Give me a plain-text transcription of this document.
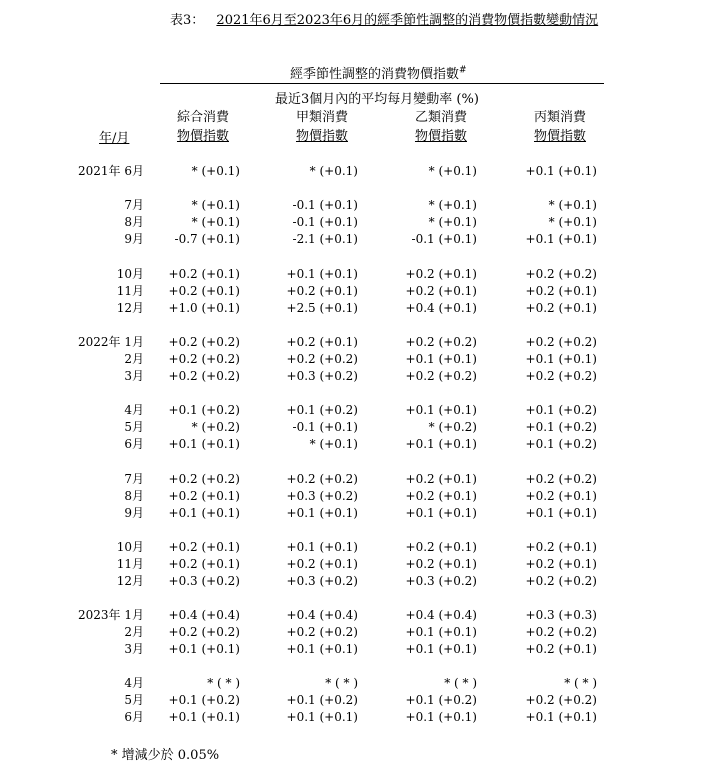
表3： 2021年6月至2023年6月的經季節性調整的消費物價指數變動情況
經季節性調整的消費物價指數#
最近3個月內的平均每月變動率 (%)
綜合消費
物價指數
甲類消費
物價指數
乙類消費
物價指數
丙類消費
物價指數
年/月
2021年 6月	* (+0.1)	* (+0.1)	* (+0.1)	+0.1 (+0.1)
7月	* (+0.1)	-0.1 (+0.1)	* (+0.1)	* (+0.1)
8月	* (+0.1)	-0.1 (+0.1)	* (+0.1)	* (+0.1)
9月	-0.7 (+0.1)	-2.1 (+0.1)	-0.1 (+0.1)	+0.1 (+0.1)
10月 +0.2 (+0.1)	+0.1 (+0.1)	+0.2 (+0.1)	+0.2 (+0.2)
11月 +0.2 (+0.1)	+0.2 (+0.1)	+0.2 (+0.1)	+0.2 (+0.1)
12月 +1.0 (+0.1)	+2.5 (+0.1)	+0.4 (+0.1)	+0.2 (+0.1)
2022年 1月 +0.2 (+0.2)	+0.2 (+0.1)	+0.2 (+0.2)	+0.2 (+0.2)
2月 +0.2 (+0.2)	+0.2 (+0.2)	+0.1 (+0.1)	+0.1 (+0.1)
3月 +0.2 (+0.2)	+0.3 (+0.2)	+0.2 (+0.2)	+0.2 (+0.2)
4月 +0.1 (+0.2)	+0.1 (+0.2)	+0.1 (+0.1)	+0.1 (+0.2)
5月	* (+0.2)	-0.1 (+0.1)	* (+0.2)	+0.1 (+0.2)
6月 +0.1 (+0.1)	* (+0.1)	+0.1 (+0.1)	+0.1 (+0.2)
7月 +0.2 (+0.2)	+0.2 (+0.2)	+0.2 (+0.1)	+0.2 (+0.2)
8月 +0.2 (+0.1)	+0.3 (+0.2)	+0.2 (+0.1)	+0.2 (+0.1)
9月 +0.1 (+0.1)	+0.1 (+0.1)	+0.1 (+0.1)	+0.1 (+0.1)
10月 +0.2 (+0.1)	+0.1 (+0.1)	+0.2 (+0.1)	+0.2 (+0.1)
11月 +0.2 (+0.1)	+0.2 (+0.1)	+0.2 (+0.1)	+0.2 (+0.1)
12月 +0.3 (+0.2)	+0.3 (+0.2)	+0.3 (+0.2)	+0.2 (+0.2)
2023年 1月 +0.4 (+0.4)	+0.4 (+0.4)	+0.4 (+0.4)	+0.3 (+0.3)
2月 +0.2 (+0.2)	+0.2 (+0.2)	+0.1 (+0.1)	+0.2 (+0.2)
3月 +0.1 (+0.1)	+0.1 (+0.1)	+0.1 (+0.1)	+0.2 (+0.1)
4月	* ( * )	* ( * )	* ( * )	* ( * )
5月 +0.1 (+0.2)	+0.1 (+0.2)	+0.1 (+0.2)	+0.2 (+0.2)
6月 +0.1 (+0.1)	+0.1 (+0.1)	+0.1 (+0.1)	+0.1 (+0.1)
* 增減少於 0.05%
